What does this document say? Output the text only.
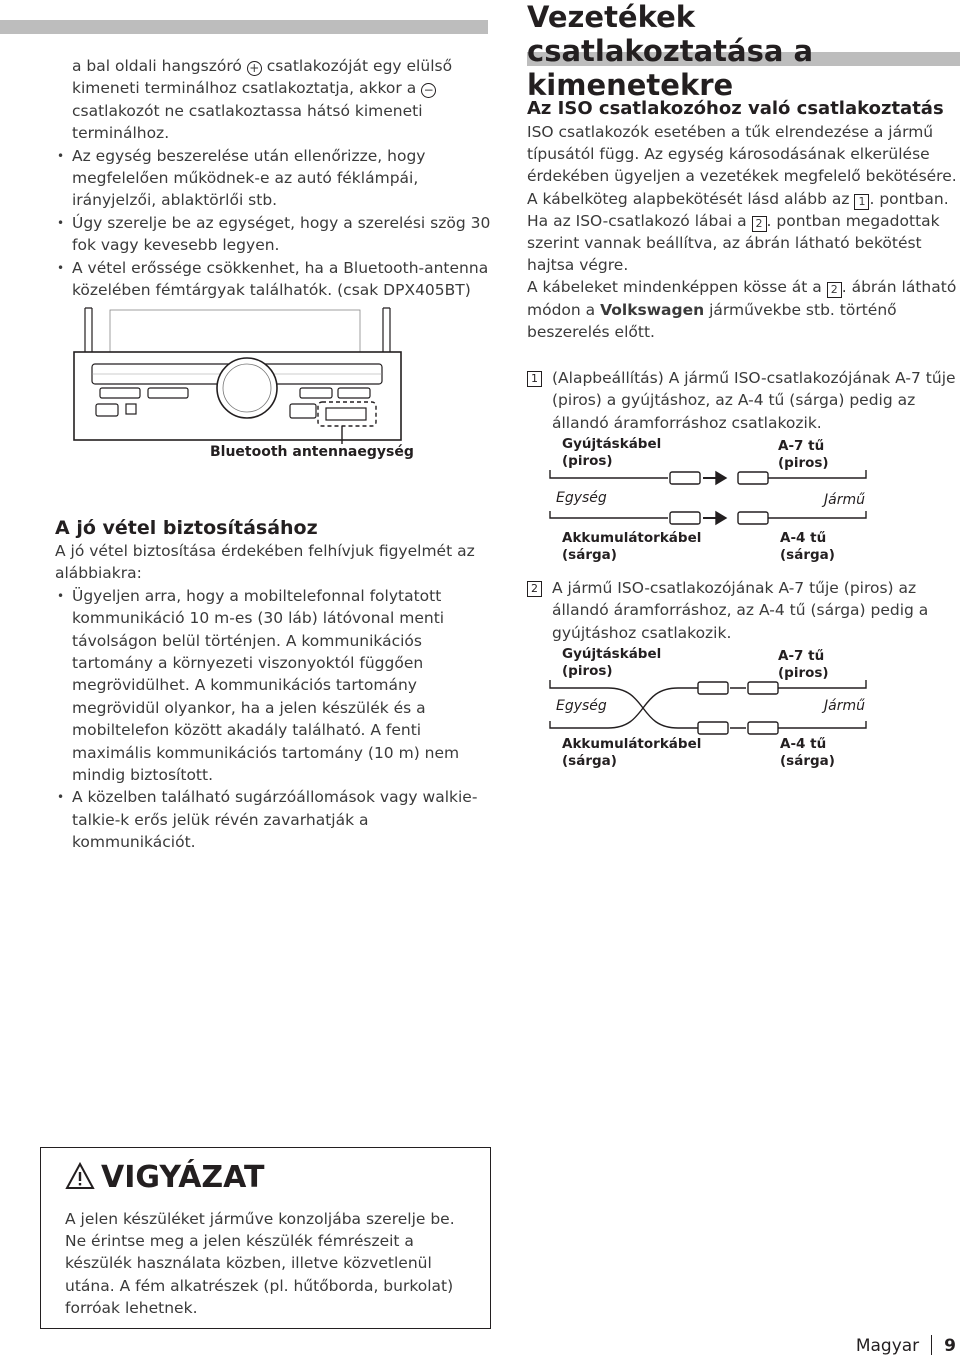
a bal oldali hangszóró + csatlakozóját egy elülső kimeneti terminálhoz csatlakoztatja, akkor a − csatlakozót ne csatlakoztassa hátsó kimeneti terminálhoz.
• Az egység beszerelése után ellenőrizze, hogy megfelelően működnek-e az autó féklámpái, irányjelzői, ablaktörlői stb.
• Úgy szerelje be az egységet, hogy a szerelési szög 30 fok vagy kevesebb legyen.
• A vétel erőssége csökkenhet, ha a Bluetooth-antenna közelében fémtárgyak találhatók. (csak DPX405BT)
Bluetooth antennaegység
A jó vétel biztosításához
A jó vétel biztosítása érdekében felhívjuk figyelmét az alábbiakra:
• Ügyeljen arra, hogy a mobiltelefonnal folytatott kommunikáció 10 m-es (30 láb) látóvonal menti távolságon belül történjen. A kommunikációs tartomány a környezeti viszonyoktól függően megrövidülhet. A kommunikációs tartomány megrövidül olyankor, ha a jelen készülék és a mobiltelefon között akadály található. A fenti maximális kommunikációs tartomány (10 m) nem mindig biztosított.
• A közelben található sugárzóállomások vagy walkie-talkie-k erős jelük révén zavarhatják a kommunikációt.
Vezetékek csatlakoztatása a kimenetekre
Az ISO csatlakozóhoz való csatlakoztatás
ISO csatlakozók esetében a tűk elrendezése a jármű típusától függ. Az egység károsodásának elkerülése érdekében ügyeljen a vezetékek megfelelő bekötésére. A kábelköteg alapbekötését lásd alább az 1 . pontban. Ha az ISO-csatlakozó lábai a 2 . pontban megadottak szerint vannak beállítva, az ábrán látható bekötést hajtsa végre.
A kábeleket mindenképpen kösse át a 2 . ábrán látható módon a Volkswagen járművekbe stb. történő beszerelés előtt.
1 (Alapbeállítás) A jármű ISO-csatlakozójának A-7 tűje (piros) a gyújtáshoz, az A-4 tű (sárga) pedig az állandó áramforráshoz csatlakozik.
Gyújtáskábel
(piros)
A-7 tű
(piros)
Egység	Jármű
Akkumulátorkábel
(sárga)
A-4 tű
(sárga)
2 A jármű ISO-csatlakozójának A-7 tűje (piros) az állandó áramforráshoz, az A-4 tű (sárga) pedig a gyújtáshoz csatlakozik.
Gyújtáskábel
(piros)
A-7 tű
(piros)
Egység	Jármű
Akkumulátorkábel
(sárga)
A-4 tű
(sárga)
VIGYÁZAT
A jelen készüléket járműve konzoljába szerelje be. Ne érintse meg a jelen készülék fémrészeit a készülék használata közben, illetve közvetlenül utána. A fém alkatrészek (pl. hűtőborda, burkolat) forróak lehetnek.
Magyar 9
